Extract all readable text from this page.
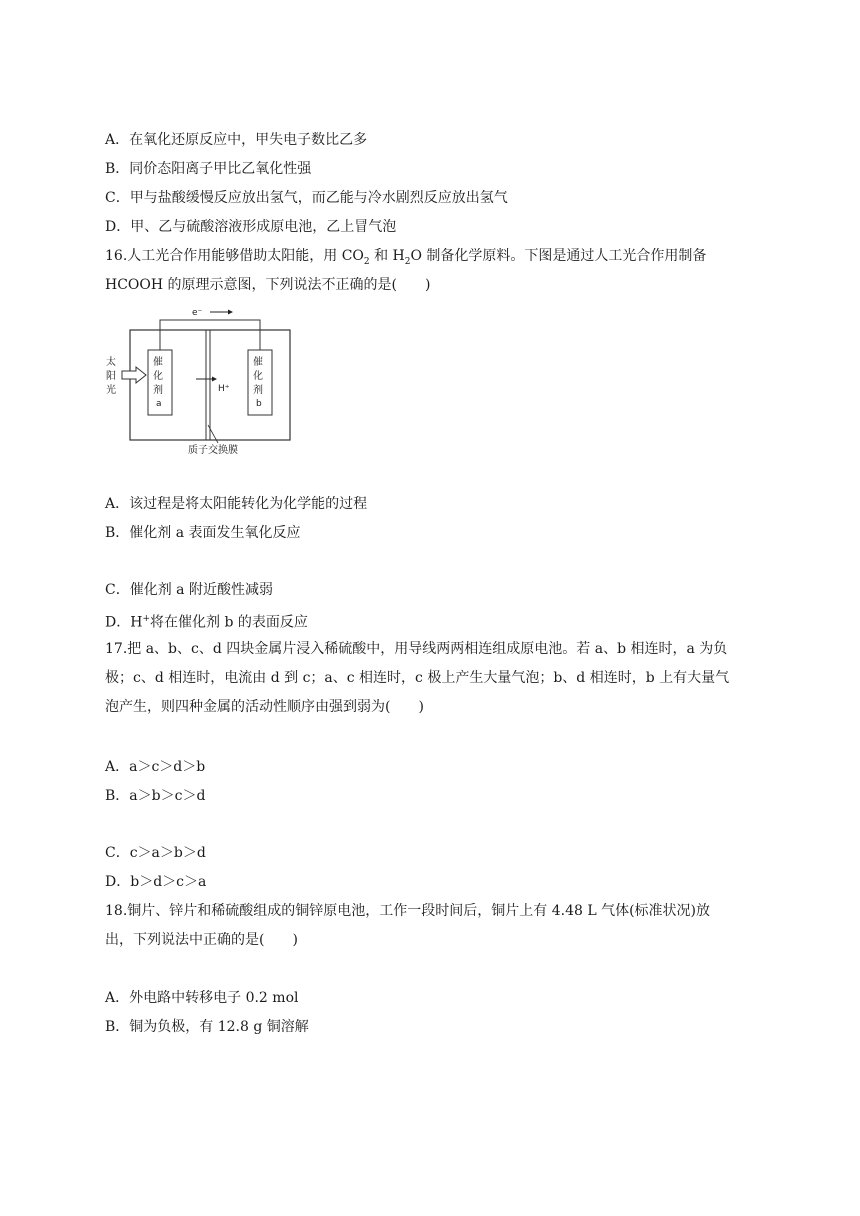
A．在氧化还原反应中，甲失电子数比乙多
B．同价态阳离子甲比乙氧化性强
C．甲与盐酸缓慢反应放出氢气，而乙能与冷水剧烈反应放出氢气
D．甲、乙与硫酸溶液形成原电池，乙上冒气泡
16.人工光合作用能够借助太阳能，用 $CO_2$ 和 $H_2O$ 制备化学原料。下图是通过人工光合作用制备
HCOOH 的原理示意图，下列说法不正确的是(　　)
e⁻
质子交换膜
催
化
剂
a
催
化
剂
b
太
阳
光	H⁺
A．该过程是将太阳能转化为化学能的过程
B．催化剂 a 表面发生氧化反应
C．催化剂 a 附近酸性减弱
D．H+将在催化剂 b 的表面反应
17.把 a、b、c、d 四块金属片浸入稀硫酸中，用导线两两相连组成原电池。若 a、b 相连时，a 为负
极；c、d 相连时，电流由 d 到 c；a、c 相连时，c 极上产生大量气泡；b、d 相连时，b 上有大量气
泡产生，则四种金属的活动性顺序由强到弱为(　　)
A．a＞c＞d＞b
B．a＞b＞c＞d
C．c＞a＞b＞d
D．b＞d＞c＞a
18.铜片、锌片和稀硫酸组成的铜锌原电池，工作一段时间后，铜片上有 4.48 L 气体(标准状况)放
出，下列说法中正确的是(　　)
A．外电路中转移电子 0.2 mol
B．铜为负极，有 12.8 g 铜溶解
